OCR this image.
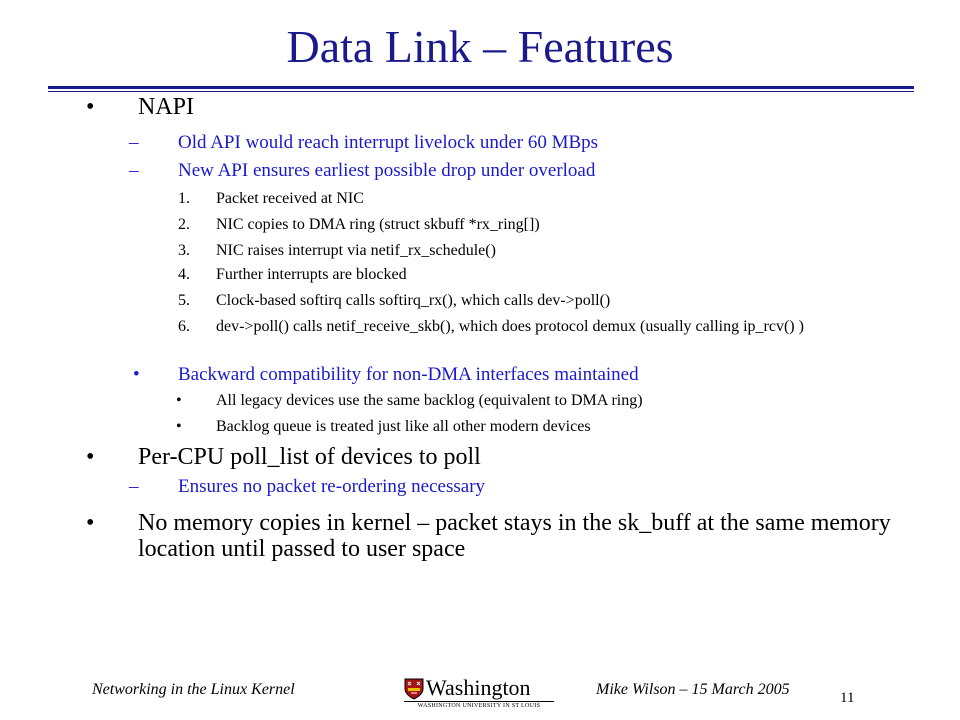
Data Link – Features
• NAPI
– Old API would reach interrupt livelock under 60 MBps
– New API ensures earliest possible drop under overload
1. Packet received at NIC
2. NIC copies to DMA ring (struct skbuff *rx_ring[])
3. NIC raises interrupt via netif_rx_schedule()
4. Further interrupts are blocked
5. Clock-based softirq calls softirq_rx(), which calls dev->poll()
6. dev->poll() calls netif_receive_skb(), which does protocol demux (usually calling ip_rcv() )
• Backward compatibility for non-DMA interfaces maintained
• All legacy devices use the same backlog (equivalent to DMA ring)
• Backlog queue is treated just like all other modern devices
• Per-CPU poll_list of devices to poll
– Ensures no packet re-ordering necessary
• No memory copies in kernel – packet stays in the sk_buff at the same memory location until passed to user space
Networking in the Linux Kernel	Washington
WASHINGTON UNIVERSITY IN ST LOUIS
Mike Wilson – 15 March 2005	11
